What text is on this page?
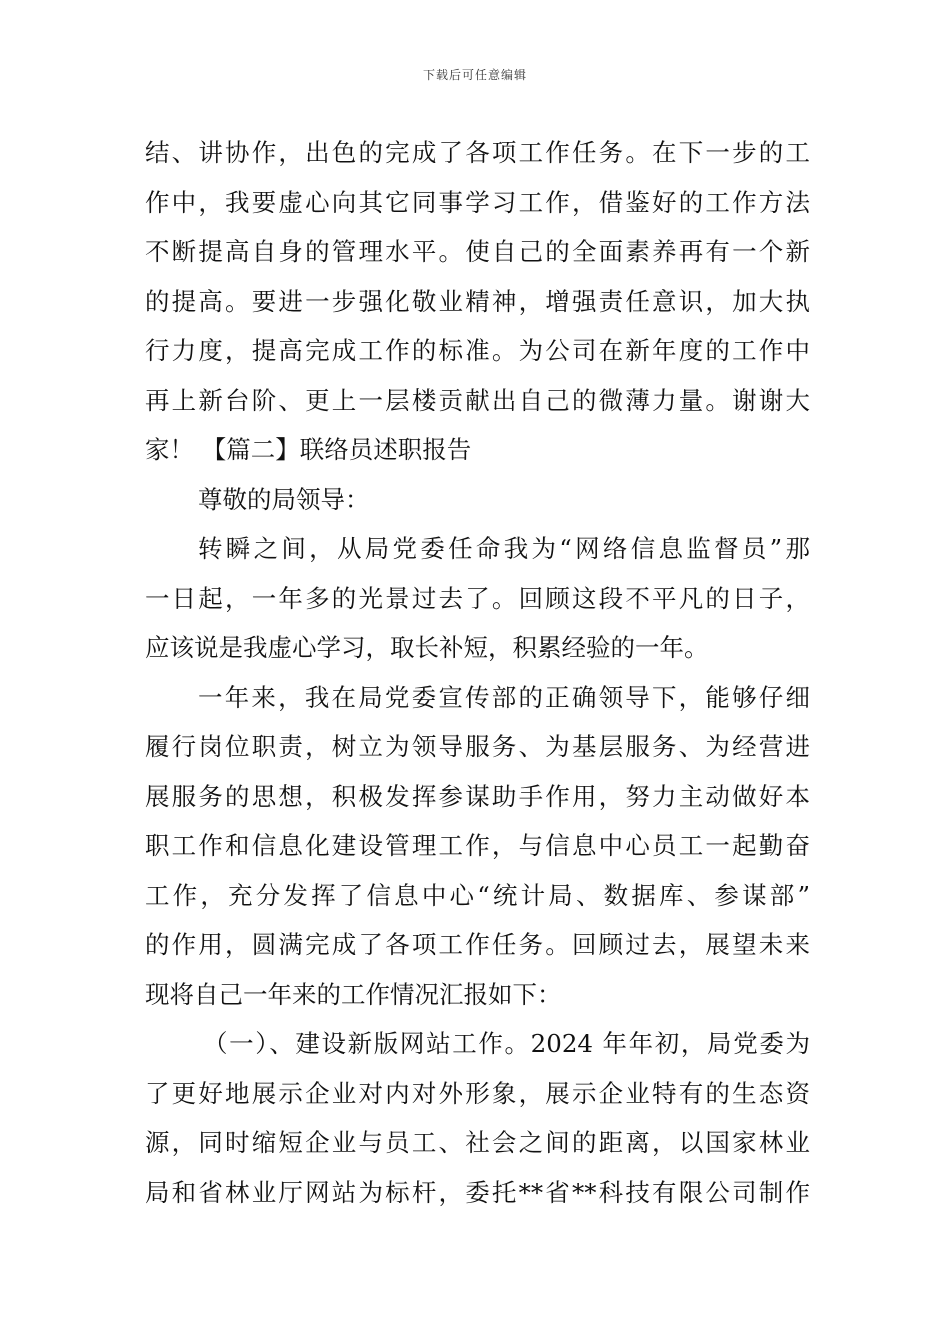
下载后可任意编辑
结、讲协作，出色的完成了各项工作任务。在下一步的工
作中，我要虚心向其它同事学习工作，借鉴好的工作方法
不断提高自身的管理水平。使自己的全面素养再有一个新
的提高。要进一步强化敬业精神，增强责任意识，加大执
行力度，提高完成工作的标准。为公司在新年度的工作中
再上新台阶、更上一层楼贡献出自己的微薄力量。谢谢大
家！ 【篇二】联络员述职报告
尊敬的局领导：
转瞬之间，从局党委任命我为“网络信息监督员”那
一日起，一年多的光景过去了。回顾这段不平凡的日子，
应该说是我虚心学习，取长补短，积累经验的一年。
一年来，我在局党委宣传部的正确领导下，能够仔细
履行岗位职责，树立为领导服务、为基层服务、为经营进
展服务的思想，积极发挥参谋助手作用，努力主动做好本
职工作和信息化建设管理工作，与信息中心员工一起勤奋
工作，充分发挥了信息中心“统计局、数据库、参谋部”
的作用，圆满完成了各项工作任务。回顾过去，展望未来
现将自己一年来的工作情况汇报如下：
（一）、建设新版网站工作。2024 年年初，局党委为
了更好地展示企业对内对外形象，展示企业特有的生态资
源，同时缩短企业与员工、社会之间的距离，以国家林业
局和省林业厅网站为标杆，委托**省**科技有限公司制作
